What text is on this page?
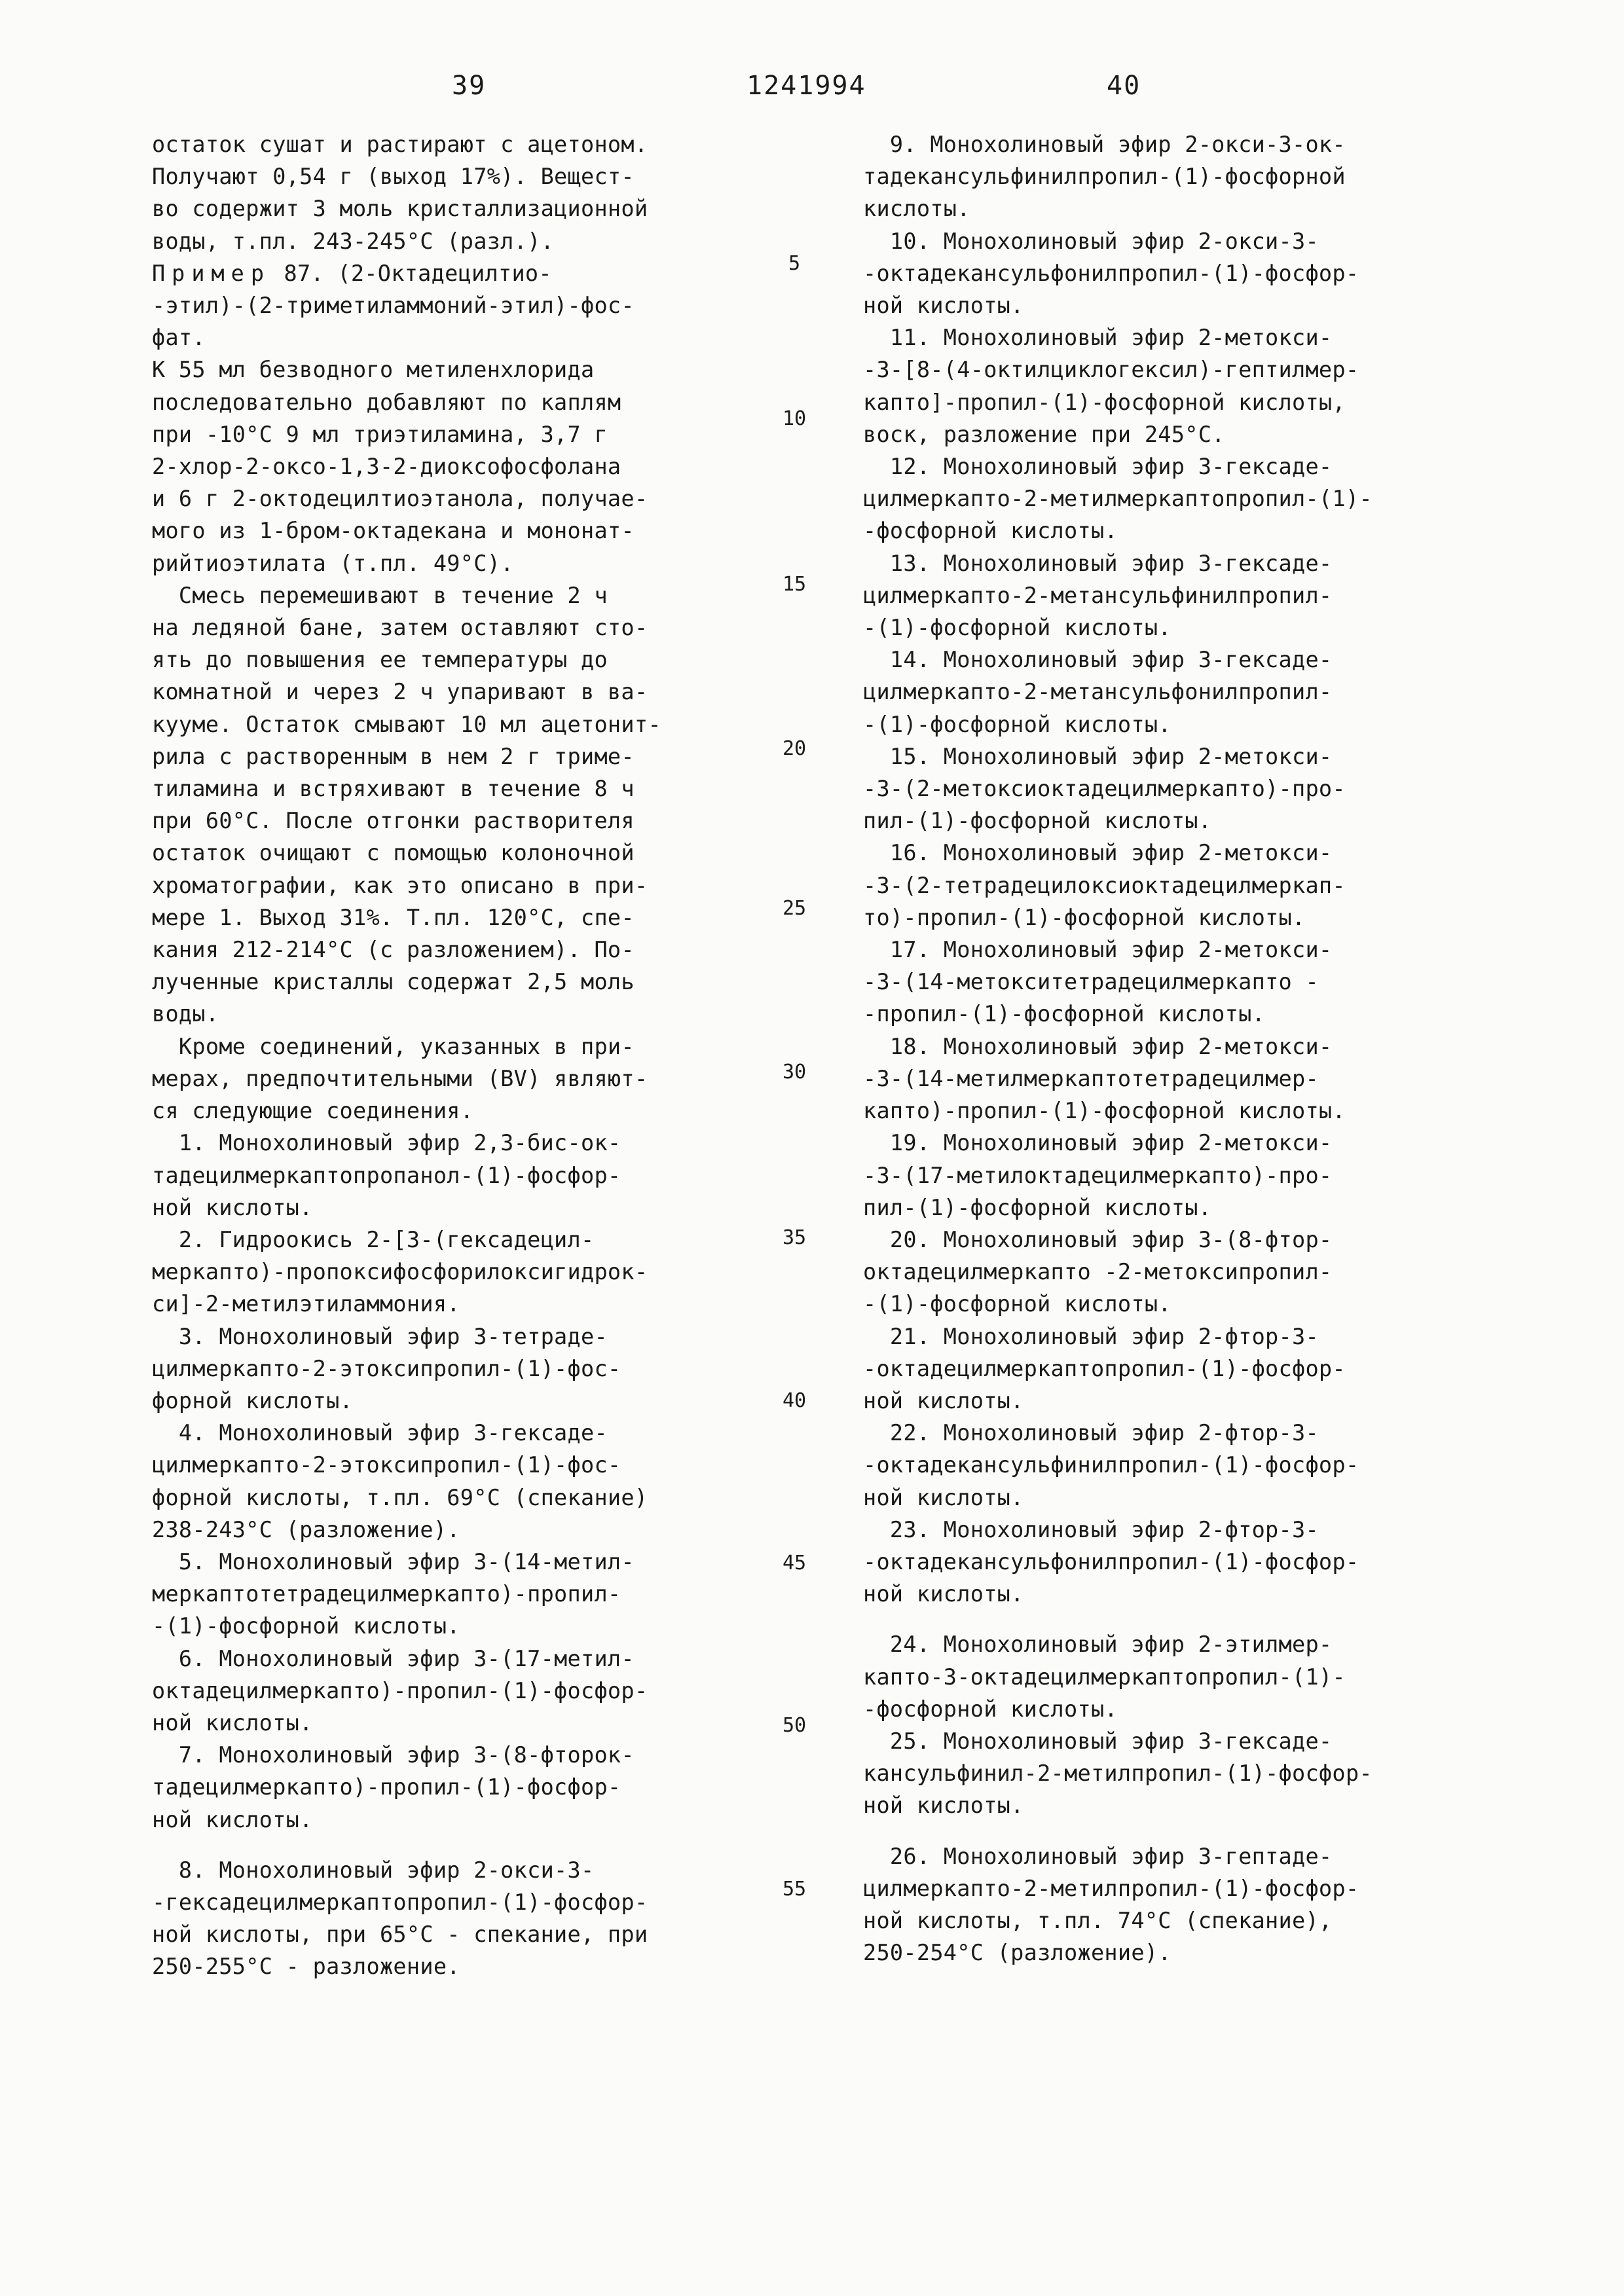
39	1241994	40

остаток сушат и растирают с ацетоном.
Получают 0,54 г (выход 17%). Вещест-
во содержит 3 моль кристаллизационной
воды, т.пл. 243-245°С (разл.).

Пример 87. (2-Октадецилтио-
-этил)-(2-триметиламмоний-этил)-фос-
фат.

К 55 мл безводного метиленхлорида
последовательно добавляют по каплям
при -10°С 9 мл триэтиламина, 3,7 г
2-хлор-2-оксо-1,3-2-диоксофосфолана
и 6 г 2-октодецилтиоэтанола, получае-
мого из 1-бром-октадекана и мононат-
рийтиоэтилата (т.пл. 49°С).

Смесь перемешивают в течение 2 ч
на ледяной бане, затем оставляют сто-
ять до повышения ее температуры до
комнатной и через 2 ч упаривают в ва-
кууме. Остаток смывают 10 мл ацетонит-
рила с растворенным в нем 2 г триме-
тиламина и встряхивают в течение 8 ч
при 60°С. После отгонки растворителя
остаток очищают с помощью колоночной
хроматографии, как это описано в при-
мере 1. Выход 31%. Т.пл. 120°С, спе-
кания 212-214°С (с разложением). По-
лученные кристаллы содержат 2,5 моль
воды.

Кроме соединений, указанных в при-
мерах, предпочтительными (BV) являют-
ся следующие соединения.

1. Монохолиновый эфир 2,3-бис-ок-
тадецилмеркаптопропанол-(1)-фосфор-
ной кислоты.

2. Гидроокись 2-[3-(гексадецил-
меркапто)-пропоксифосфорилоксигидрок-
си]-2-метилэтиламмония.

3. Монохолиновый эфир 3-тетраде-
цилмеркапто-2-этоксипропил-(1)-фос-
форной кислоты.

4. Монохолиновый эфир 3-гексаде-
цилмеркапто-2-этоксипропил-(1)-фос-
форной кислоты, т.пл. 69°С (спекание)
238-243°С (разложение).

5. Монохолиновый эфир 3-(14-метил-
меркаптотетрадецилмеркапто)-пропил-
-(1)-фосфорной кислоты.

6. Монохолиновый эфир 3-(17-метил-
октадецилмеркапто)-пропил-(1)-фосфор-
ной кислоты.

7. Монохолиновый эфир 3-(8-фторок-
тадецилмеркапто)-пропил-(1)-фосфор-
ной кислоты.

8. Монохолиновый эфир 2-окси-3-
-гексадецилмеркаптопропил-(1)-фосфор-
ной кислоты, при 65°С - спекание, при
250-255°С - разложение.

9. Монохолиновый эфир 2-окси-3-ок-
тадекансульфинилпропил-(1)-фосфорной
кислоты.

10. Монохолиновый эфир 2-окси-3-
-октадекансульфонилпропил-(1)-фосфор-
ной кислоты.

11. Монохолиновый эфир 2-метокси-
-3-[8-(4-октилциклогексил)-гептилмер-
капто]-пропил-(1)-фосфорной кислоты,
воск, разложение при 245°С.

12. Монохолиновый эфир 3-гексаде-
цилмеркапто-2-метилмеркаптопропил-(1)-
-фосфорной кислоты.

13. Монохолиновый эфир 3-гексаде-
цилмеркапто-2-метансульфинилпропил-
-(1)-фосфорной кислоты.

14. Монохолиновый эфир 3-гексаде-
цилмеркапто-2-метансульфонилпропил-
-(1)-фосфорной кислоты.

15. Монохолиновый эфир 2-метокси-
-3-(2-метоксиоктадецилмеркапто)-про-
пил-(1)-фосфорной кислоты.

16. Монохолиновый эфир 2-метокси-
-3-(2-тетрадецилоксиоктадецилмеркап-
то)-пропил-(1)-фосфорной кислоты.

17. Монохолиновый эфир 2-метокси-
-3-(14-метокситетрадецилмеркапто -
-пропил-(1)-фосфорной кислоты.

18. Монохолиновый эфир 2-метокси-
-3-(14-метилмеркаптотетрадецилмер-
капто)-пропил-(1)-фосфорной кислоты.

19. Монохолиновый эфир 2-метокси-
-3-(17-метилоктадецилмеркапто)-про-
пил-(1)-фосфорной кислоты.

20. Монохолиновый эфир 3-(8-фтор-
октадецилмеркапто -2-метоксипропил-
-(1)-фосфорной кислоты.

21. Монохолиновый эфир 2-фтор-3-
-октадецилмеркаптопропил-(1)-фосфор-
ной кислоты.

22. Монохолиновый эфир 2-фтор-3-
-октадекансульфинилпропил-(1)-фосфор-
ной кислоты.

23. Монохолиновый эфир 2-фтор-3-
-октадекансульфонилпропил-(1)-фосфор-
ной кислоты.

24. Монохолиновый эфир 2-этилмер-
капто-3-октадецилмеркаптопропил-(1)-
-фосфорной кислоты.

25. Монохолиновый эфир 3-гексаде-
кансульфинил-2-метилпропил-(1)-фосфор-
ной кислоты.

26. Монохолиновый эфир 3-гептаде-
цилмеркапто-2-метилпропил-(1)-фосфор-
ной кислоты, т.пл. 74°С (спекание),
250-254°С (разложение).

5
10
15
20
25
30
35
40
45
50
55
